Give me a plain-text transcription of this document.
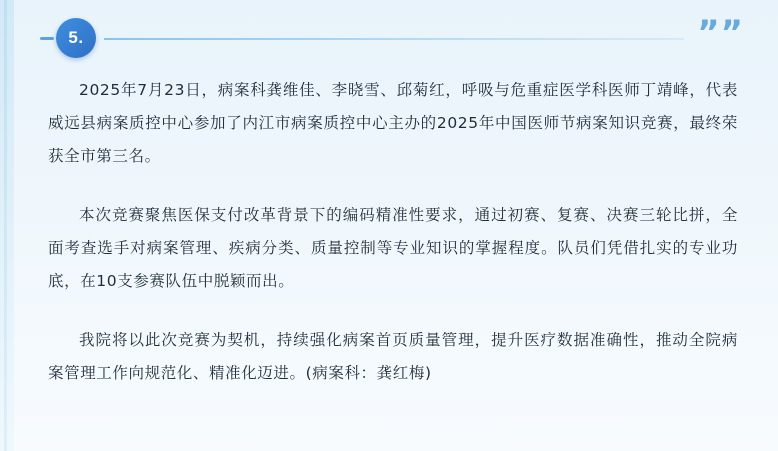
5.	””

2025年7月23日，病案科龚维佳、李晓雪、邱菊红，呼吸与危重症医学科医师丁靖峰，代表威远县病案质控中心参加了内江市病案质控中心主办的2025年中国医师节病案知识竞赛，最终荣获全市第三名。

本次竞赛聚焦医保支付改革背景下的编码精准性要求，通过初赛、复赛、决赛三轮比拼，全面考查选手对病案管理、疾病分类、质量控制等专业知识的掌握程度。队员们凭借扎实的专业功底，在10支参赛队伍中脱颖而出。

我院将以此次竞赛为契机，持续强化病案首页质量管理，提升医疗数据准确性，推动全院病案管理工作向规范化、精准化迈进。(病案科：龚红梅)
